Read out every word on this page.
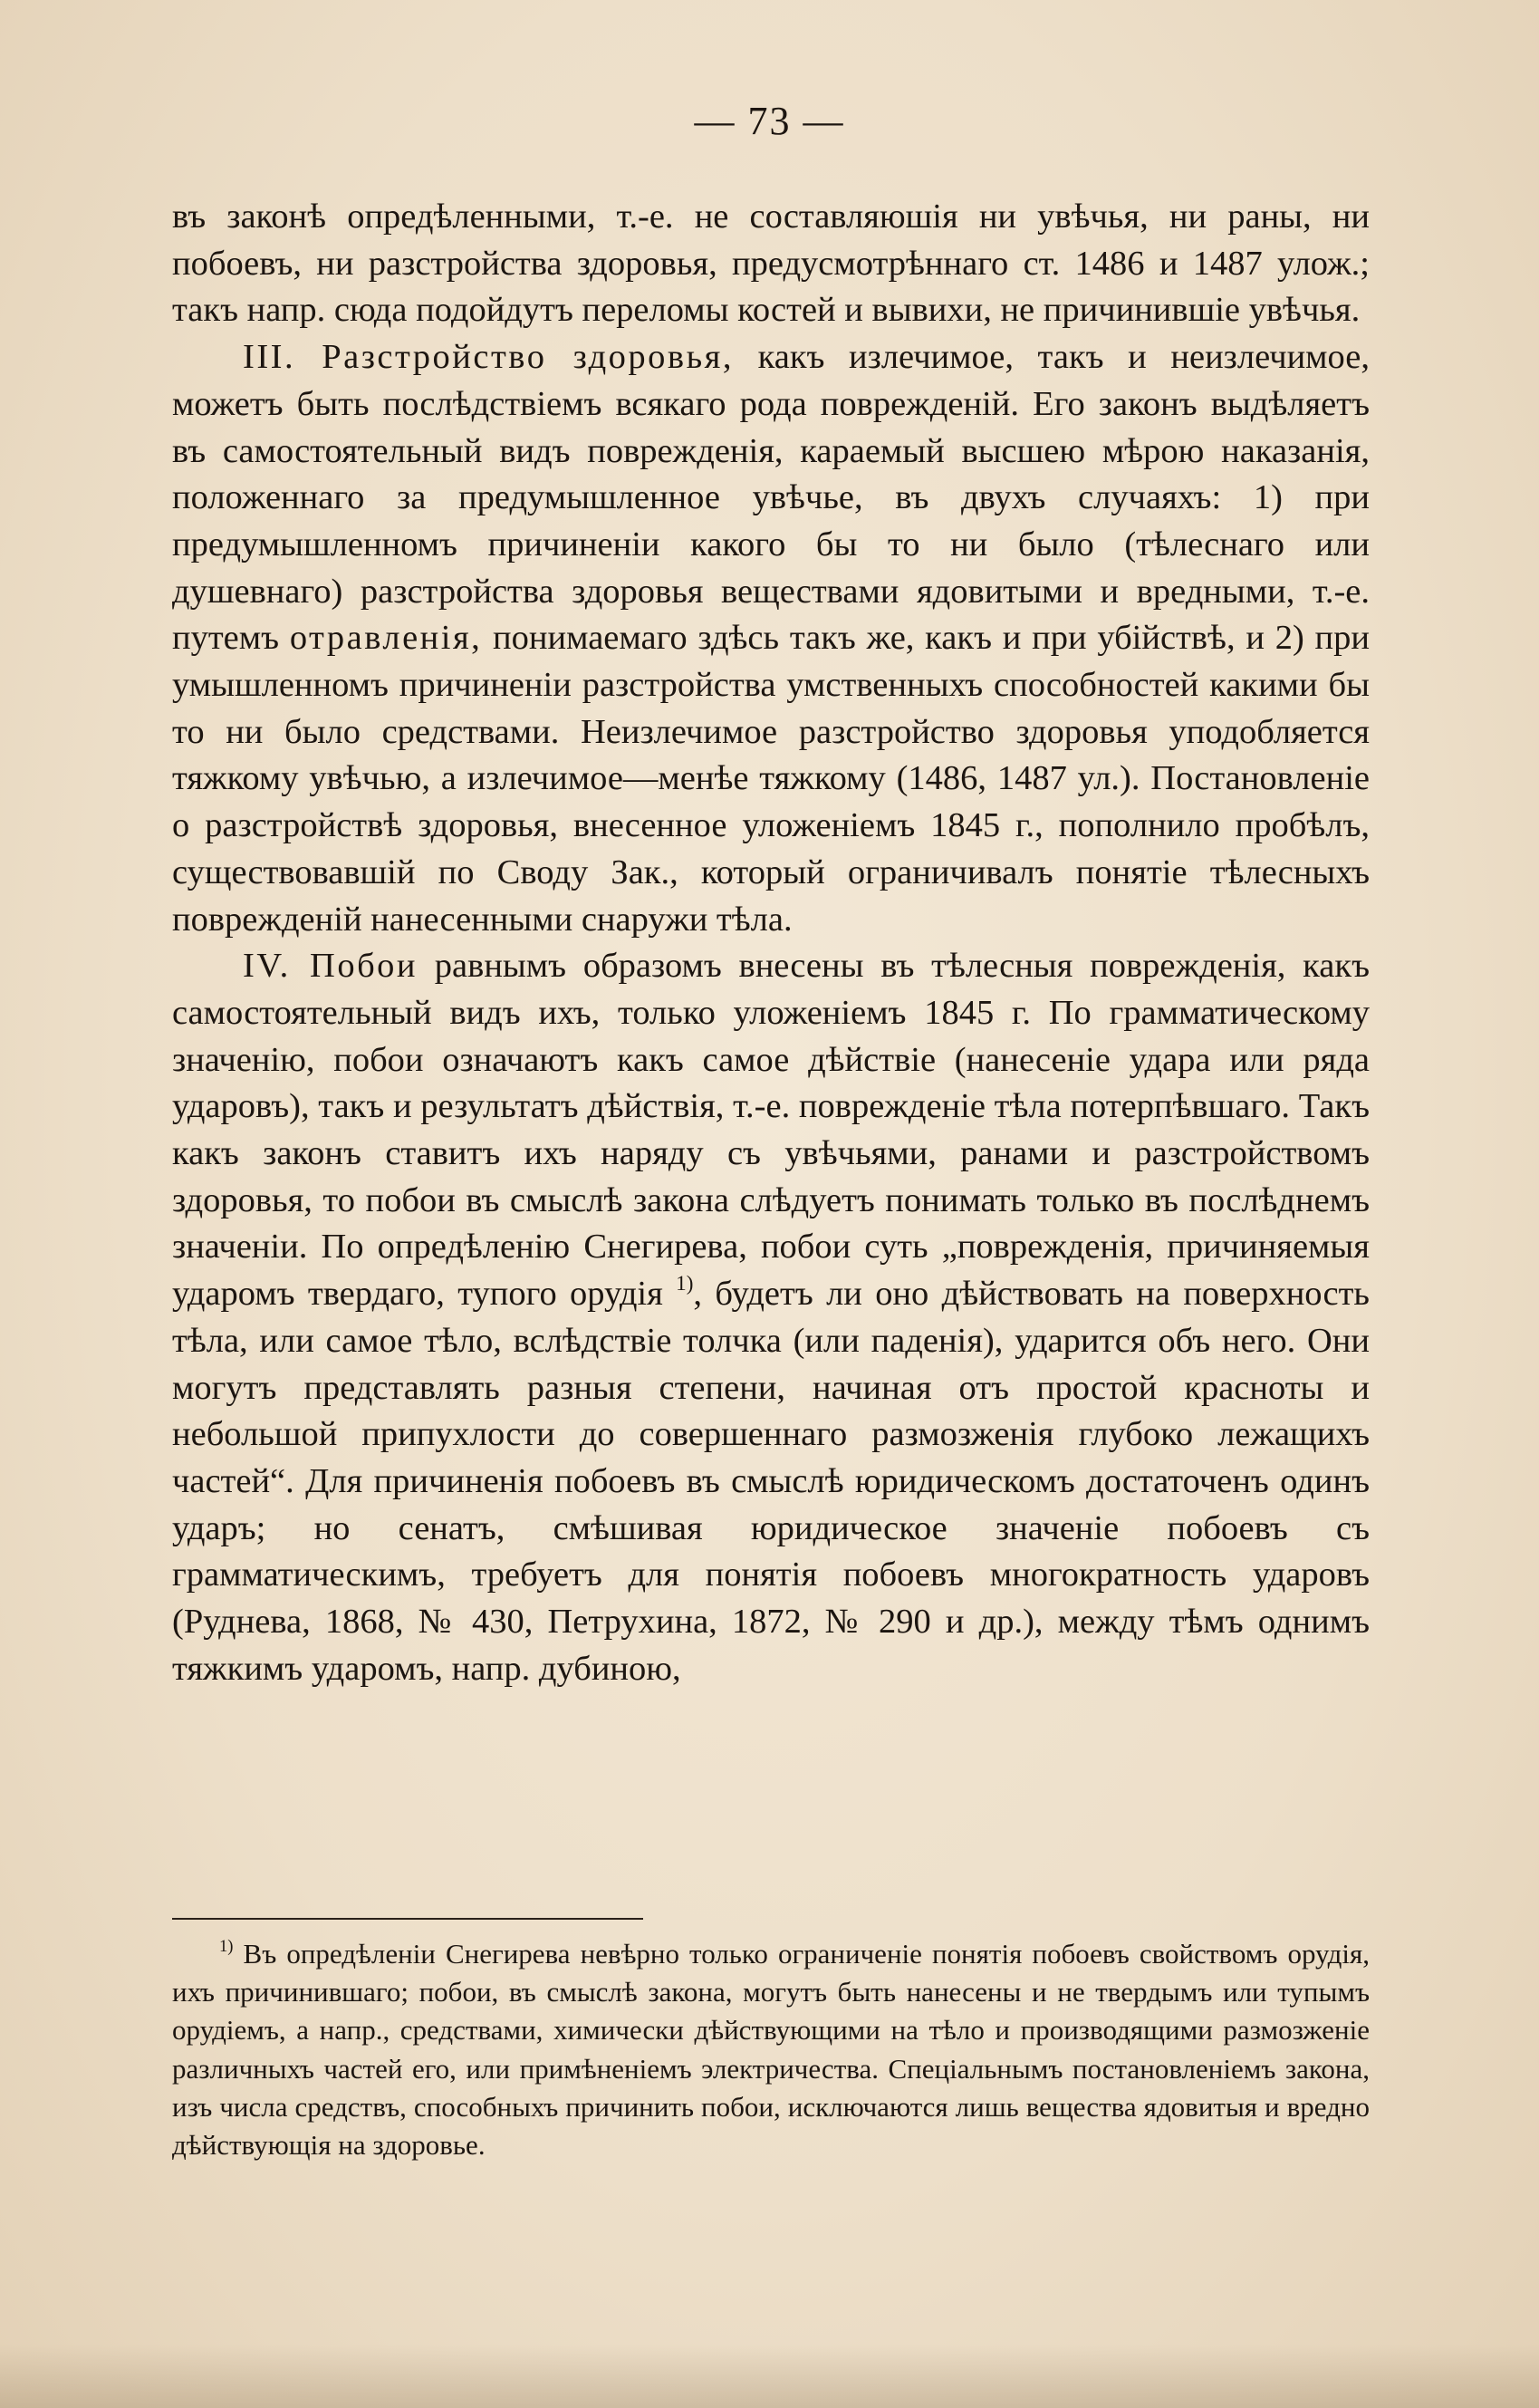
— 73 —

въ законѣ опредѣленными, т.-е. не составляюшія ни увѣчья, ни раны, ни побоевъ, ни разстройства здоровья, предусмотрѣннаго ст. 1486 и 1487 улож.; такъ напр. сюда подойдутъ переломы костей и вывихи, не причинившіе увѣчья.

III. Разстройство здоровья, какъ излечимое, такъ и неизлечимое, можетъ быть послѣдствіемъ всякаго рода поврежденій. Его законъ выдѣляетъ въ самостоятельный видъ поврежденія, караемый высшею мѣрою наказанія, положеннаго за предумышленное увѣчье, въ двухъ случаяхъ: 1) при предумышленномъ причиненіи какого бы то ни было (тѣлеснаго или душевнаго) разстройства здоровья веществами ядовитыми и вредными, т.-е. путемъ отравленія, понимаемаго здѣсь такъ же, какъ и при убійствѣ, и 2) при умышленномъ причиненіи разстройства умственныхъ способностей какими бы то ни было средствами. Неизлечимое разстройство здоровья уподобляется тяжкому увѣчью, а излечимое—менѣе тяжкому (1486, 1487 ул.). Постановленіе о разстройствѣ здоровья, внесенное уложеніемъ 1845 г., пополнило пробѣлъ, существовавшій по Своду Зак., который ограничивалъ понятіе тѣлесныхъ поврежденій нанесенными снаружи тѣла.

IV. Побои равнымъ образомъ внесены въ тѣлесныя поврежденія, какъ самостоятельный видъ ихъ, только уложеніемъ 1845 г. По грамматическому значенію, побои означаютъ какъ самое дѣйствіе (нанесеніе удара или ряда ударовъ), такъ и результатъ дѣйствія, т.-е. поврежденіе тѣла потерпѣвшаго. Такъ какъ законъ ставитъ ихъ наряду съ увѣчьями, ранами и разстройствомъ здоровья, то побои въ смыслѣ закона слѣдуетъ понимать только въ послѣднемъ значеніи. По опредѣленію Снегирева, побои суть „поврежденія, причиняемыя ударомъ твердаго, тупого орудія $^{1)}$, будетъ ли оно дѣйствовать на поверхность тѣла, или самое тѣло, вслѣдствіе толчка (или паденія), ударится объ него. Они могутъ представлять разныя степени, начиная отъ простой красноты и небольшой припухлости до совершеннаго размозженія глубоко лежащихъ частей“. Для причиненія побоевъ въ смыслѣ юридическомъ достаточенъ одинъ ударъ; но сенатъ, смѣшивая юридическое значеніе побоевъ съ грамматическимъ, требуетъ для понятія побоевъ многократность ударовъ (Руднева, 1868, № 430, Петрухина, 1872, № 290 и др.), между тѣмъ однимъ тяжкимъ ударомъ, напр. дубиною,

$^{1)}$ Въ опредѣленіи Снегирева невѣрно только ограниченіе понятія побоевъ свойствомъ орудія, ихъ причинившаго; побои, въ смыслѣ закона, могутъ быть нанесены и не твердымъ или тупымъ орудіемъ, а напр., средствами, химически дѣйствующими на тѣло и производящими размозженіе различныхъ частей его, или примѣненіемъ электричества. Спеціальнымъ постановленіемъ закона, изъ числа средствъ, способныхъ причинить побои, исключаются лишь вещества ядовитыя и вредно дѣйствующія на здоровье.
